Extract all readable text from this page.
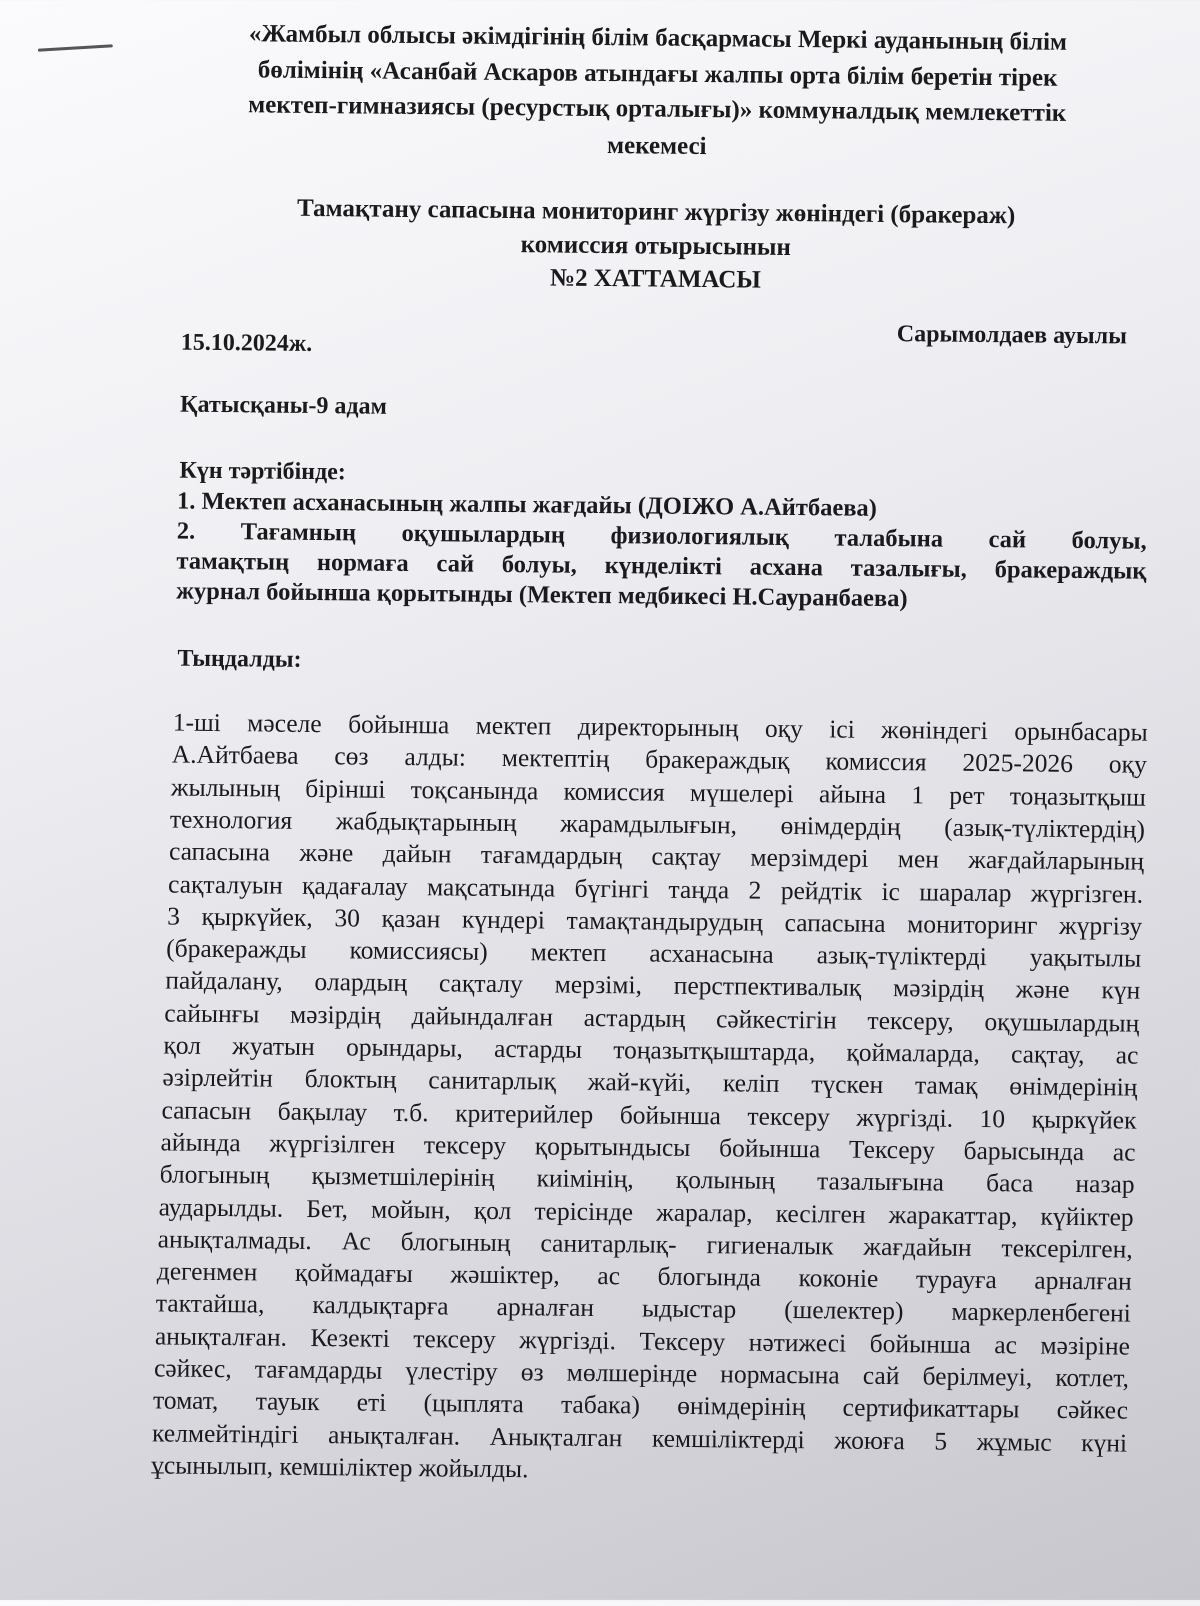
«Жамбыл облысы әкімдігінің білім басқармасы Меркі ауданының білім
бөлімінің «Асанбай Аскаров атындағы жалпы орта білім беретін тірек
мектеп-гимназиясы (ресурстық орталығы)» коммуналдық мемлекеттік
мекемесі
Тамақтану сапасына мониторинг жүргізу жөніндегі (бракераж)
комиссия отырысынын
№2 ХАТТАМАСЫ
15.10.2024ж.	Сарымолдаев ауылы
Қатысқаны-9 адам
Күн тәртібінде:
1. Мектеп асханасының жалпы жағдайы (ДОІЖО А.Айтбаева)
2. Тағамның оқушылардың физиологиялық талабына сай болуы,
тамақтың нормаға сай болуы, күнделікті асхана тазалығы, бракераждық
журнал бойынша қорытынды (Мектеп медбикесі Н.Сауранбаева)
Тыңдалды:
1-ші мәселе бойынша мектеп директорының оқу ісі жөніндегі орынбасары
А.Айтбаева сөз алды: мектептің бракераждық комиссия 2025-2026 оқу
жылының бірінші тоқсанында комиссия мүшелері айына 1 рет тоңазытқыш
технология жабдықтарының жарамдылығын, өнімдердің (азық-түліктердің)
сапасына және дайын тағамдардың сақтау мерзімдері мен жағдайларының
сақталуын қадағалау мақсатында бүгінгі таңда 2 рейдтік іс шаралар жүргізген.
3 қыркүйек, 30 қазан күндері тамақтандырудың сапасына мониторинг жүргізу
(бракеражды комиссиясы) мектеп асханасына азық-түліктерді уақытылы
пайдалану, олардың сақталу мерзімі, перстпективалық мәзірдің және күн
сайынғы мәзірдің дайындалған астардың сәйкестігін тексеру, оқушылардың
қол жуатын орындары, астарды тоңазытқыштарда, қоймаларда, сақтау, ас
әзірлейтін блоктың санитарлық жай-күйі, келіп түскен тамақ өнімдерінің
сапасын бақылау т.б. критерийлер бойынша тексеру жүргізді. 10 қыркүйек
айында жүргізілген тексеру қорытындысы бойынша Тексеру барысында ас
блогының қызметшілерінің киімінің, қолының тазалығына баса назар
аударылды. Бет, мойын, қол терісінде жаралар, кесілген жаракаттар, күйіктер
анықталмады. Ас блогының санитарлық- гигиеналык жағдайын тексерілген,
дегенмен қоймадағы жәшіктер, ас блогында коконіе турауға арналған
тактайша, калдықтарға арналған ыдыстар (шелектер) маркерленбегені
анықталған. Кезекті тексеру жүргізді. Тексеру нәтижесі бойынша ас мәзіріне
сәйкес, тағамдарды үлестіру өз мөлшерінде нормасына сай берілмеуі, котлет,
томат, тауык еті (цыплята табака) өнімдерінің сертификаттары сәйкес
келмейтіндігі анықталған. Анықталган кемшіліктерді жоюға 5 жұмыс күні
ұсынылып, кемшіліктер жойылды.
